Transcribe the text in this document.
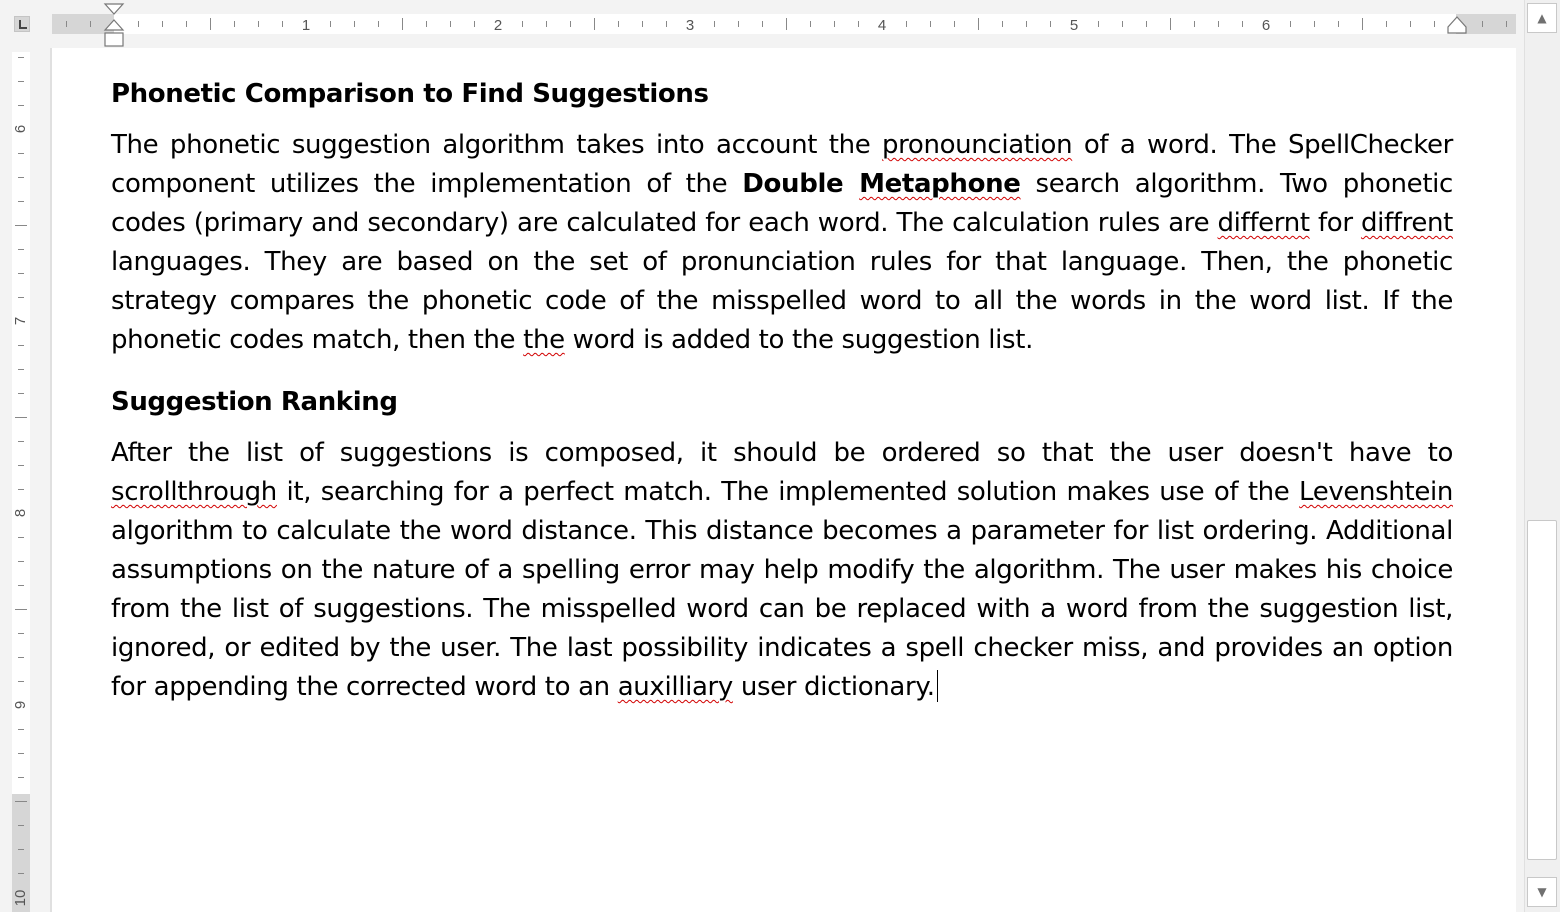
1	2	3	4	5	6
6
7
8
9
10
Phonetic Comparison to Find Suggestions

The phonetic suggestion algorithm takes into account the pronounciation of a word. The SpellChecker component utilizes the implementation of the Double Metaphone search algorithm. Two phonetic codes (primary and secondary) are calculated for each word. The calculation rules are differnt for diffrent languages. They are based on the set of pronunciation rules for that language. Then, the phonetic strategy compares the phonetic code of the misspelled word to all the words in the word list. If the phonetic codes match, then the the word is added to the suggestion list.

Suggestion Ranking

After the list of suggestions is composed, it should be ordered so that the user doesn't have to scrollthrough it, searching for a perfect match. The implemented solution makes use of the Levenshtein algorithm to calculate the word distance. This distance becomes a parameter for list ordering. Additional assumptions on the nature of a spelling error may help modify the algorithm. The user makes his choice from the list of suggestions. The misspelled word can be replaced with a word from the suggestion list, ignored, or edited by the user. The last possibility indicates a spell checker miss, and provides an option for appending the corrected word to an auxilliary user dictionary.

▲
▼
